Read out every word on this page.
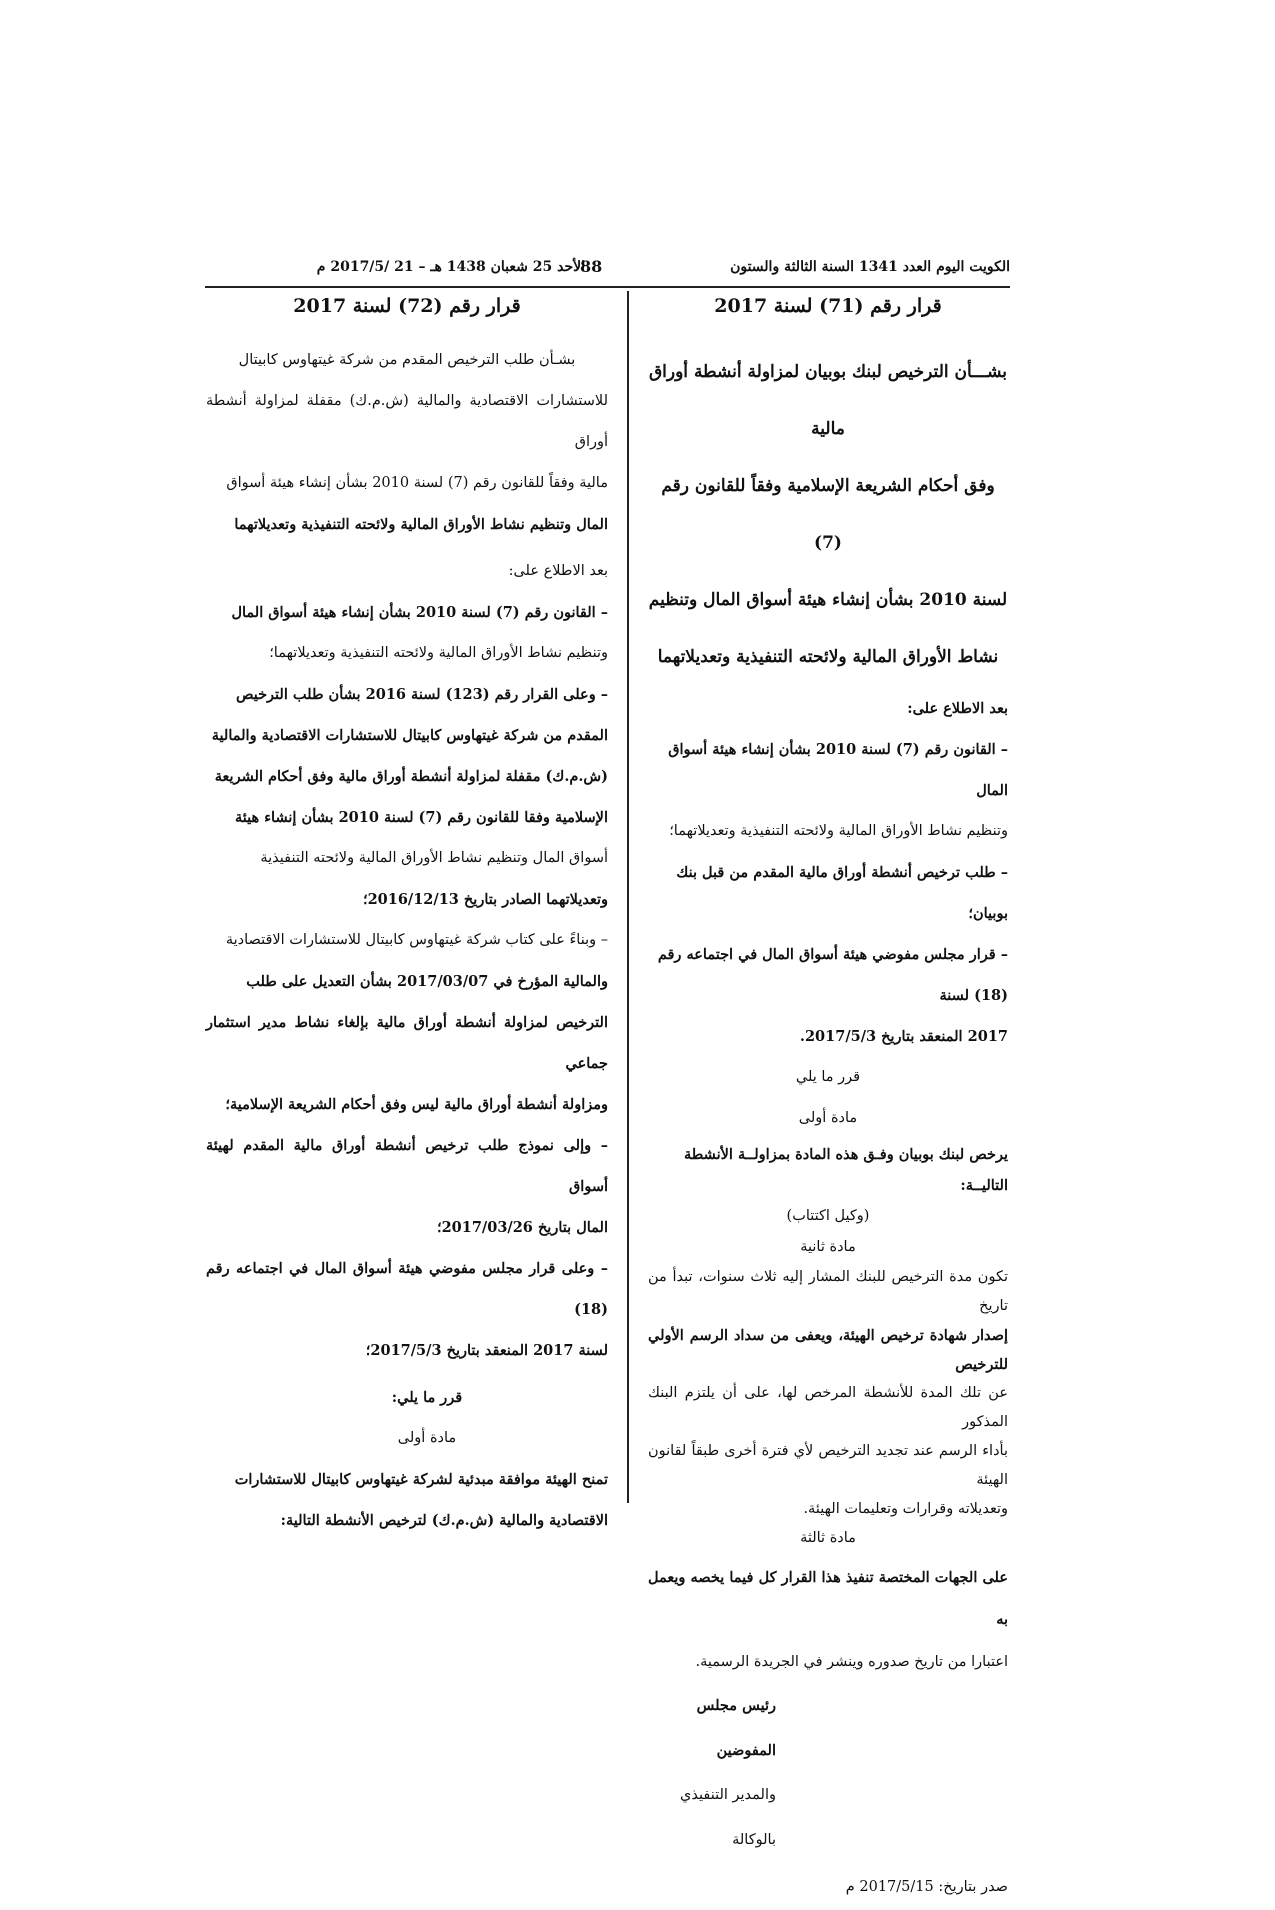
الكويت اليوم العدد 1341 السنة الثالثة والستون
88
الأحد 25 شعبان 1438 هـ – 21 /2017/5 م

قرار رقم (71) لسنة 2017

بشـــأن الترخيص لبنك بوبيان لمزاولة أنشطة أوراق مالية

وفق أحكام الشريعة الإسلامية وفقاً للقانون رقم (7)

لسنة 2010 بشأن إنشاء هيئة أسواق المال وتنظيم

نشاط الأوراق المالية ولائحته التنفيذية وتعديلاتهما

بعد الاطلاع على:

– القانون رقم (7) لسنة 2010 بشأن إنشاء هيئة أسواق المال

وتنظيم نشاط الأوراق المالية ولائحته التنفيذية وتعديلاتهما؛

– طلب ترخيص أنشطة أوراق مالية المقدم من قبل بنك بوبيان؛

– قرار مجلس مفوضي هيئة أسواق المال في اجتماعه رقم (18) لسنة

2017 المنعقد بتاريخ 2017/5/3.

قرر ما يلي

مادة أولى

يرخص لبنك بوبيان وفـق هذه المادة بمزاولــة الأنشطة التاليــة:

(وكيل اكتتاب)

مادة ثانية

تكون مدة الترخيص للبنك المشار إليه ثلاث سنوات، تبدأ من تاريخ

إصدار شهادة ترخيص الهيئة، ويعفى من سداد الرسم الأولي للترخيص

عن تلك المدة للأنشطة المرخص لها، على أن يلتزم البنك المذكور

بأداء الرسم عند تجديد الترخيص لأي فترة أخرى طبقاً لقانون الهيئة

وتعديلاته وقرارات وتعليمات الهيئة.

مادة ثالثة

على الجهات المختصة تنفيذ هذا القرار كل فيما يخصه ويعمل به

اعتبارا من تاريخ صدوره وينشر في الجريدة الرسمية.

رئيس مجلس المفوضين

والمدير التنفيذي بالوكالة

صدر بتاريخ: 2017/5/15 م

قرار رقم (72) لسنة 2017

بشـأن طلب الترخيص المقدم من شركة غيتهاوس كابيتال

للاستشارات الاقتصادية والمالية (ش.م.ك) مقفلة لمزاولة أنشطة أوراق

مالية وفقاً للقانون رقم (7) لسنة 2010 بشأن إنشاء هيئة أسواق

المال وتنظيم نشاط الأوراق المالية ولائحته التنفيذية وتعديلاتهما

بعد الاطلاع على:

– القانون رقم (7) لسنة 2010 بشأن إنشاء هيئة أسواق المال

وتنظيم نشاط الأوراق المالية ولائحته التنفيذية وتعديلاتهما؛

– وعلى القرار رقم (123) لسنة 2016 بشأن طلب الترخيص

المقدم من شركة غيتهاوس كابيتال للاستشارات الاقتصادية والمالية

(ش.م.ك) مقفلة لمزاولة أنشطة أوراق مالية وفق أحكام الشريعة

الإسلامية وفقا للقانون رقم (7) لسنة 2010 بشأن إنشاء هيئة

أسواق المال وتنظيم نشاط الأوراق المالية ولائحته التنفيذية

وتعديلاتهما الصادر بتاريخ 2016/12/13؛

– وبناءً على كتاب شركة غيتهاوس كابيتال للاستشارات الاقتصادية

والمالية المؤرخ في 2017/03/07 بشأن التعديل على طلب

الترخيص لمزاولة أنشطة أوراق مالية بإلغاء نشاط مدير استثمار جماعي

ومزاولة أنشطة أوراق مالية ليس وفق أحكام الشريعة الإسلامية؛

– وإلى نموذج طلب ترخيص أنشطة أوراق مالية المقدم لهيئة أسواق

المال بتاريخ 2017/03/26؛

– وعلى قرار مجلس مفوضي هيئة أسواق المال في اجتماعه رقم (18)

لسنة 2017 المنعقد بتاريخ 2017/5/3؛

قرر ما يلي:

مادة أولى

تمنح الهيئة موافقة مبدئية لشركة غيتهاوس كابيتال للاستشارات

الاقتصادية والمالية (ش.م.ك) لترخيص الأنشطة التالية:
